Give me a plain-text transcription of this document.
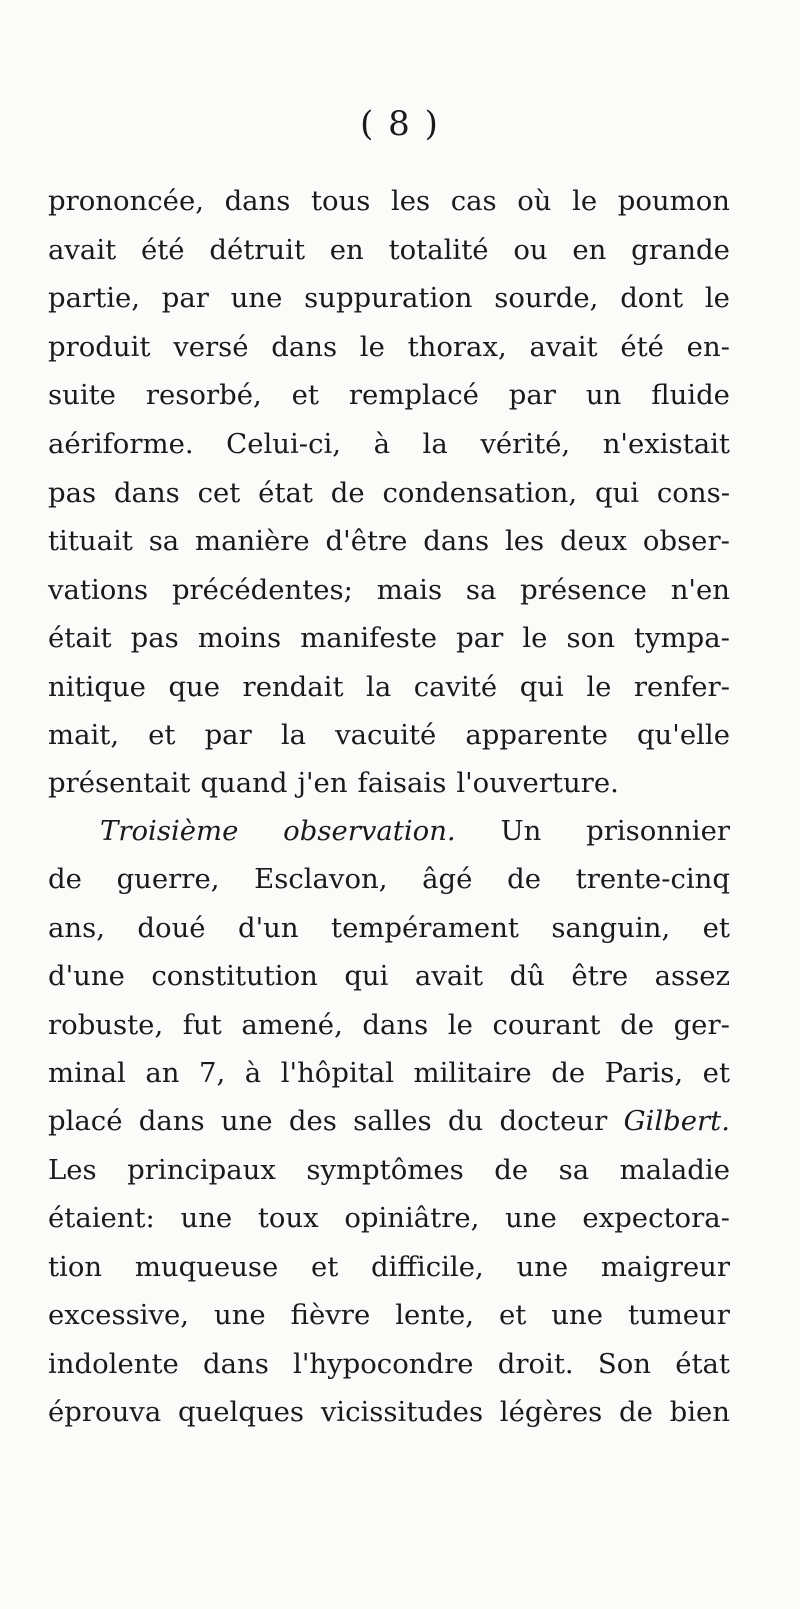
( 8 )
prononcée, dans tous les cas où le poumon
avait été détruit en totalité ou en grande
partie, par une suppuration sourde, dont le
produit versé dans le thorax, avait été en-
suite resorbé, et remplacé par un fluide
aériforme. Celui-ci, à la vérité, n'existait
pas dans cet état de condensation, qui cons-
tituait sa manière d'être dans les deux obser-
vations précédentes; mais sa présence n'en
était pas moins manifeste par le son tympa-
nitique que rendait la cavité qui le renfer-
mait, et par la vacuité apparente qu'elle
présentait quand j'en faisais l'ouverture.
Troisième observation. Un prisonnier
de guerre, Esclavon, âgé de trente-cinq
ans, doué d'un tempérament sanguin, et
d'une constitution qui avait dû être assez
robuste, fut amené, dans le courant de ger-
minal an 7, à l'hôpital militaire de Paris, et
placé dans une des salles du docteur Gilbert.
Les principaux symptômes de sa maladie
étaient: une toux opiniâtre, une expectora-
tion muqueuse et difficile, une maigreur
excessive, une fièvre lente, et une tumeur
indolente dans l'hypocondre droit. Son état
éprouva quelques vicissitudes légères de bien
